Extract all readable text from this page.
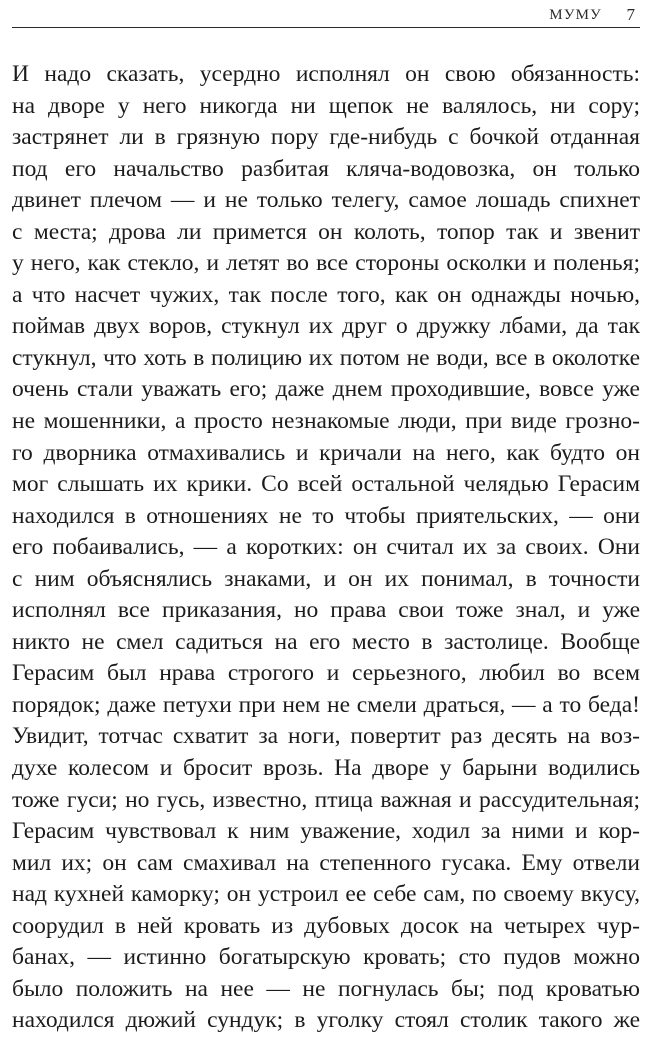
МУМУ 7
И надо сказать, усердно исполнял он свою обязанность:
на дворе у него никогда ни щепок не валялось, ни сору;
застрянет ли в грязную пору где-нибудь с бочкой отданная
под его начальство разбитая кляча-водовозка, он только
двинет плечом — и не только телегу, самое лошадь спихнет
с места; дрова ли примется он колоть, топор так и звенит
у него, как стекло, и летят во все стороны осколки и поленья;
а что насчет чужих, так после того, как он однажды ночью,
поймав двух воров, стукнул их друг о дружку лбами, да так
стукнул, что хоть в полицию их потом не води, все в околотке
очень стали уважать его; даже днем проходившие, вовсе уже
не мошенники, а просто незнакомые люди, при виде грозно-
го дворника отмахивались и кричали на него, как будто он
мог слышать их крики. Со всей остальной челядью Герасим
находился в отношениях не то чтобы приятельских, — они
его побаивались, — а коротких: он считал их за своих. Они
с ним объяснялись знаками, и он их понимал, в точности
исполнял все приказания, но права свои тоже знал, и уже
никто не смел садиться на его место в застолице. Вообще
Герасим был нрава строгого и серьезного, любил во всем
порядок; даже петухи при нем не смели драться, — а то беда!
Увидит, тотчас схватит за ноги, повертит раз десять на воз-
духе колесом и бросит врозь. На дворе у барыни водились
тоже гуси; но гусь, известно, птица важная и рассудительная;
Герасим чувствовал к ним уважение, ходил за ними и кор-
мил их; он сам смахивал на степенного гусака. Ему отвели
над кухней каморку; он устроил ее себе сам, по своему вкусу,
соорудил в ней кровать из дубовых досок на четырех чур-
банах, — истинно богатырскую кровать; сто пудов можно
было положить на нее — не погнулась бы; под кроватью
находился дюжий сундук; в уголку стоял столик такого же
